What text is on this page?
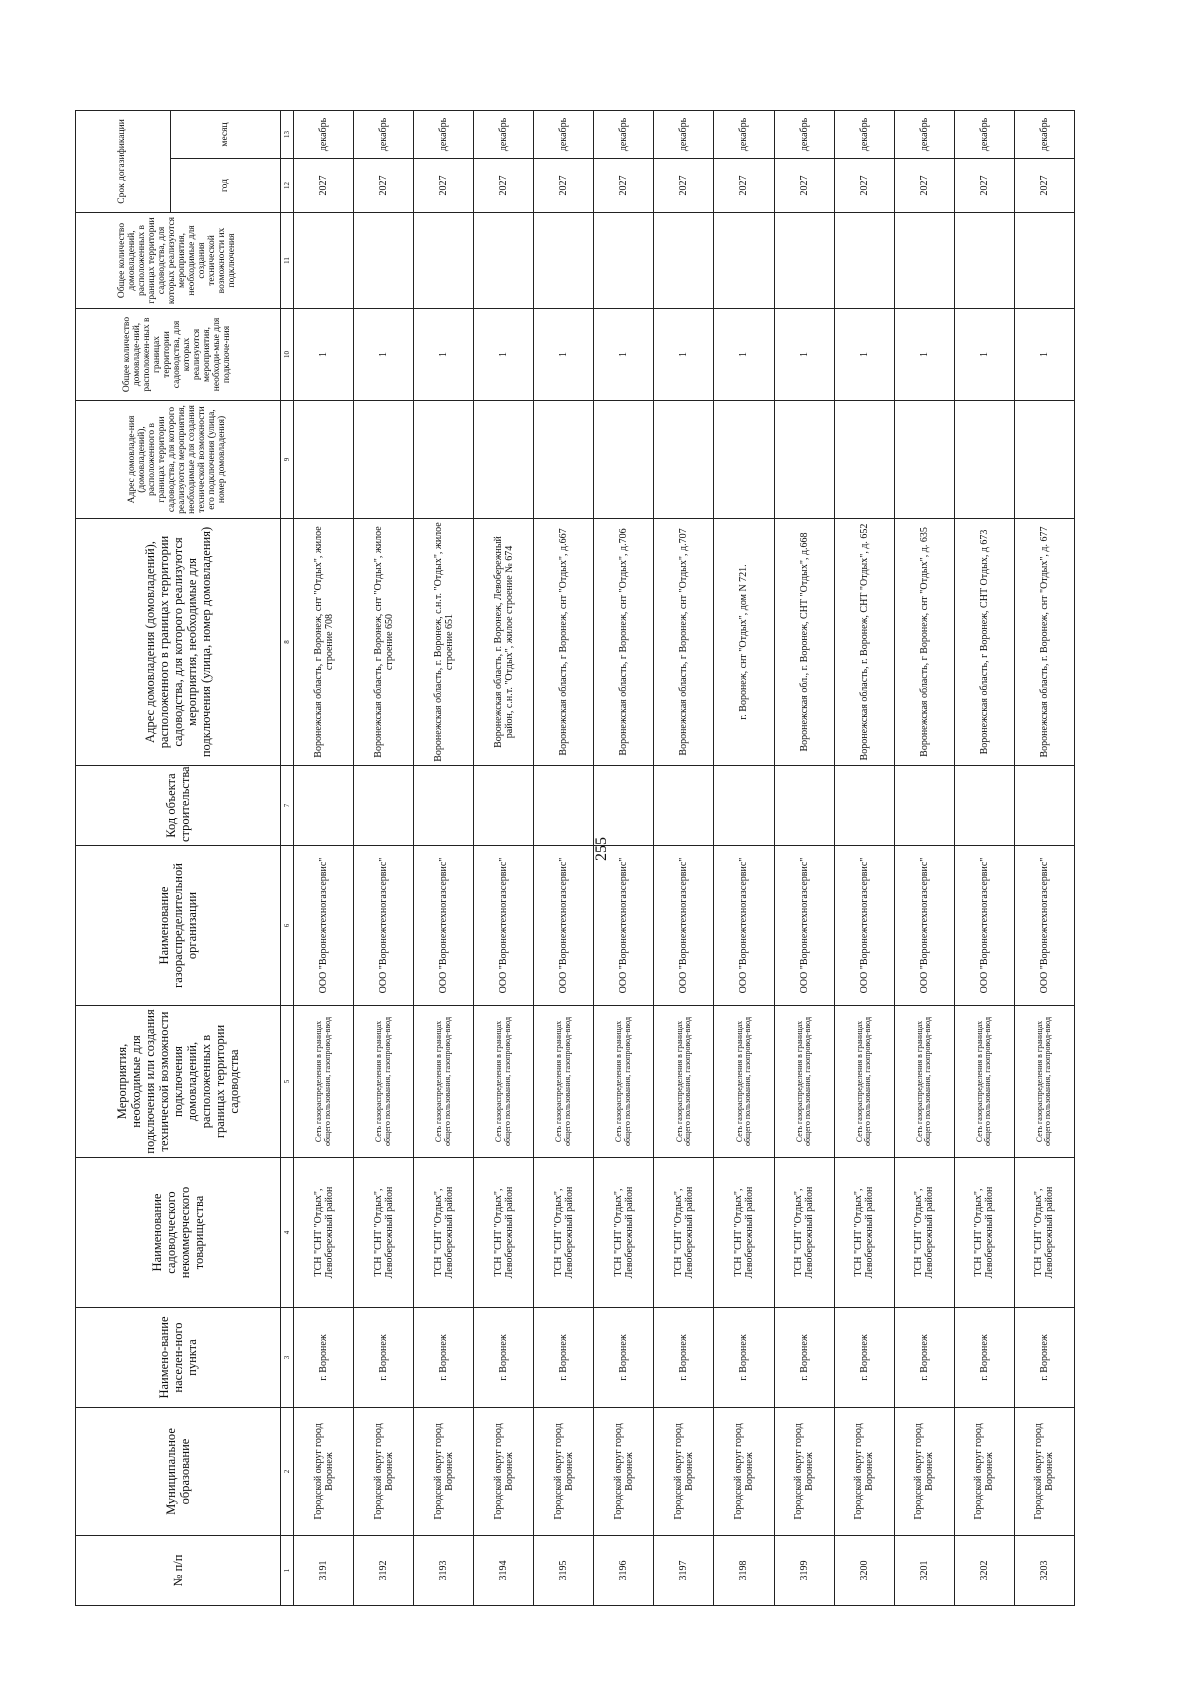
255
№ п/п	Муниципальное образование	Наимено-вание населен-ного пункта	Наименование садоводческого некоммерческого товарищества	Мероприятия, необходимые для подключения или создания технической возможности подключения домовладений, расположенных в границах территории садоводства	Наименование газораспределительной организации	Код объекта строительства	Адрес домовладения (домовладений), расположенного в границах территории садоводства, для которого реализуются мероприятия, необходимые для подключения (улица, номер домовладения)	Адрес домовладе-ния (домовладений), расположенного в границах территории садоводства, для которого реализуются мероприятия, необходимые для создания технической возможности его подключения (улица, номер домовладения)	Общее количество домовладе-ний, расположен-ных в границах территории садоводства, для которых реализуются мероприятия, необходи-мые для подключе-ния	Общее количество домовладений, расположенных в границах территории садоводства, для которых реализуются мероприятия, необходимые для создания технической возможности их подключения	Срок догазификации	
											год	месяц
1	2	3	4	5	6	7	8	9	10	11	12	13
3191	Городской округ город Воронеж	г. Воронеж	ТСН "СНТ "Отдых", Левобережный район	Сеть газораспределения в границах общего пользования, газопровод-ввод	ООО "Воронежтехногазсервис"		Воронежская область, г Воронеж, снт "Отдых", жилое строение 708		1		2027	декабрь
3192	Городской округ город Воронеж	г. Воронеж	ТСН "СНТ "Отдых", Левобережный район	Сеть газораспределения в границах общего пользования, газопровод-ввод	ООО "Воронежтехногазсервис"		Воронежская область, г Воронеж, снт "Отдых", жилое строение 650		1		2027	декабрь
3193	Городской округ город Воронеж	г. Воронеж	ТСН "СНТ "Отдых", Левобережный район	Сеть газораспределения в границах общего пользования, газопровод-ввод	ООО "Воронежтехногазсервис"		Воронежская область, г. Воронеж, с.н.т. "Отдых", жилое строение 651		1		2027	декабрь
3194	Городской округ город Воронеж	г. Воронеж	ТСН "СНТ "Отдых", Левобережный район	Сеть газораспределения в границах общего пользования, газопровод-ввод	ООО "Воронежтехногазсервис"		Воронежская область, г. Воронеж, Левобережный район, с.н.т. "Отдых", жилое строение № 674		1		2027	декабрь
3195	Городской округ город Воронеж	г. Воронеж	ТСН "СНТ "Отдых", Левобережный район	Сеть газораспределения в границах общего пользования, газопровод-ввод	ООО "Воронежтехногазсервис"		Воронежская область, г Воронеж, снт "Отдых", д.667		1		2027	декабрь
3196	Городской округ город Воронеж	г. Воронеж	ТСН "СНТ "Отдых", Левобережный район	Сеть газораспределения в границах общего пользования, газопровод-ввод	ООО "Воронежтехногазсервис"		Воронежская область, г Воронеж, снт "Отдых", д.706		1		2027	декабрь
3197	Городской округ город Воронеж	г. Воронеж	ТСН "СНТ "Отдых", Левобережный район	Сеть газораспределения в границах общего пользования, газопровод-ввод	ООО "Воронежтехногазсервис"		Воронежская область, г Воронеж, снт "Отдых", д.707		1		2027	декабрь
3198	Городской округ город Воронеж	г. Воронеж	ТСН "СНТ "Отдых", Левобережный район	Сеть газораспределения в границах общего пользования, газопровод-ввод	ООО "Воронежтехногазсервис"		г. Воронеж, снт "Отдых", дом N 721.		1		2027	декабрь
3199	Городской округ город Воронеж	г. Воронеж	ТСН "СНТ "Отдых", Левобережный район	Сеть газораспределения в границах общего пользования, газопровод-ввод	ООО "Воронежтехногазсервис"		Воронежская обл., г. Воронеж, СНТ "Отдых", д.668		1		2027	декабрь
3200	Городской округ город Воронеж	г. Воронеж	ТСН "СНТ "Отдых", Левобережный район	Сеть газораспределения в границах общего пользования, газопровод-ввод	ООО "Воронежтехногазсервис"		Воронежская область, г. Воронеж, СНТ "Отдых", д. 652		1		2027	декабрь
3201	Городской округ город Воронеж	г. Воронеж	ТСН "СНТ "Отдых", Левобережный район	Сеть газораспределения в границах общего пользования, газопровод-ввод	ООО "Воронежтехногазсервис"		Воронежская область, г Воронеж, снт "Отдых", д. 635		1		2027	декабрь
3202	Городской округ город Воронеж	г. Воронеж	ТСН "СНТ "Отдых", Левобережный район	Сеть газораспределения в границах общего пользования, газопровод-ввод	ООО "Воронежтехногазсервис"		Воронежская область, г Воронеж, СНТ Отдых, д 673		1		2027	декабрь
3203	Городской округ город Воронеж	г. Воронеж	ТСН "СНТ "Отдых", Левобережный район	Сеть газораспределения в границах общего пользования, газопровод-ввод	ООО "Воронежтехногазсервис"		Воронежская область, г. Воронеж, снт "Отдых", д. 677		1		2027	декабрь
